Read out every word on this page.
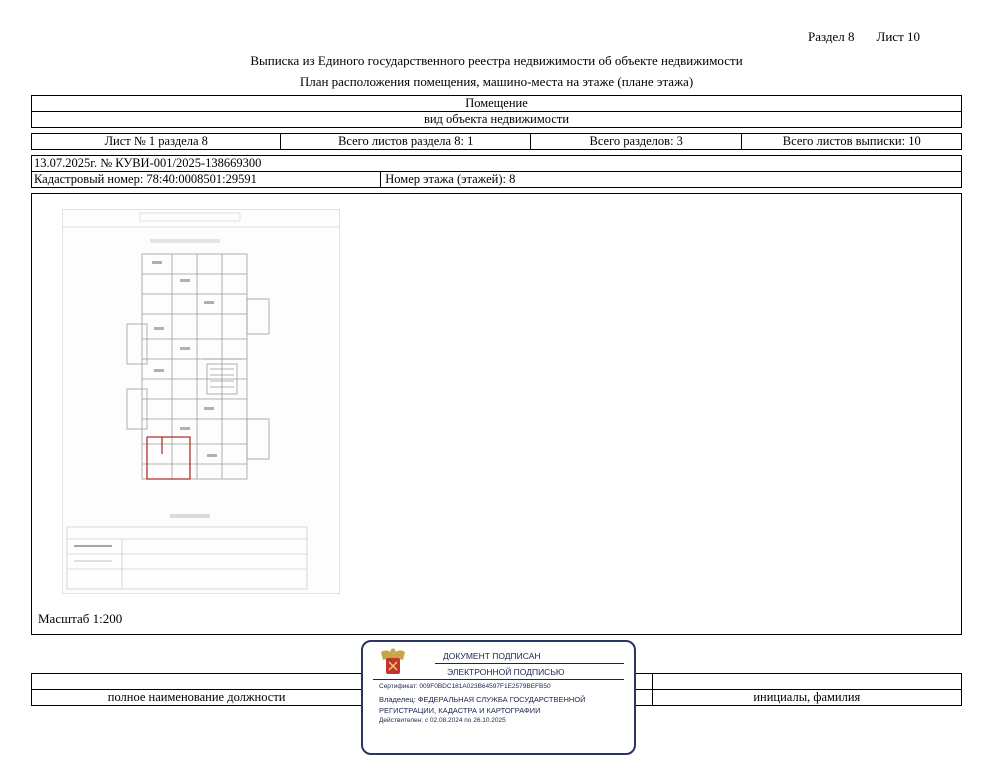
Раздел 8 Лист 10
Выписка из Единого государственного реестра недвижимости об объекте недвижимости
План расположения помещения, машино-места на этаже (плане этажа)
Помещение
вид объекта недвижимости
Лист № 1 раздела 8	Всего листов раздела 8: 1	Всего разделов: 3	Всего листов выписки: 10
13.07.2025г. № КУВИ-001/2025-138669300
Кадастровый номер: 78:40:0008501:29591	Номер этажа (этажей): 8
Масштаб 1:200
полное наименование должности	инициалы, фамилия
ДОКУМЕНТ ПОДПИСАН
ЭЛЕКТРОННОЙ ПОДПИСЬЮ
Сертификат: 009F0BDC181A023B64597F1E2579BEFB50
Владелец: ФЕДЕРАЛЬНАЯ СЛУЖБА ГОСУДАРСТВЕННОЙ
РЕГИСТРАЦИИ, КАДАСТРА И КАРТОГРАФИИ
Действителен: с 02.08.2024 по 26.10.2025
